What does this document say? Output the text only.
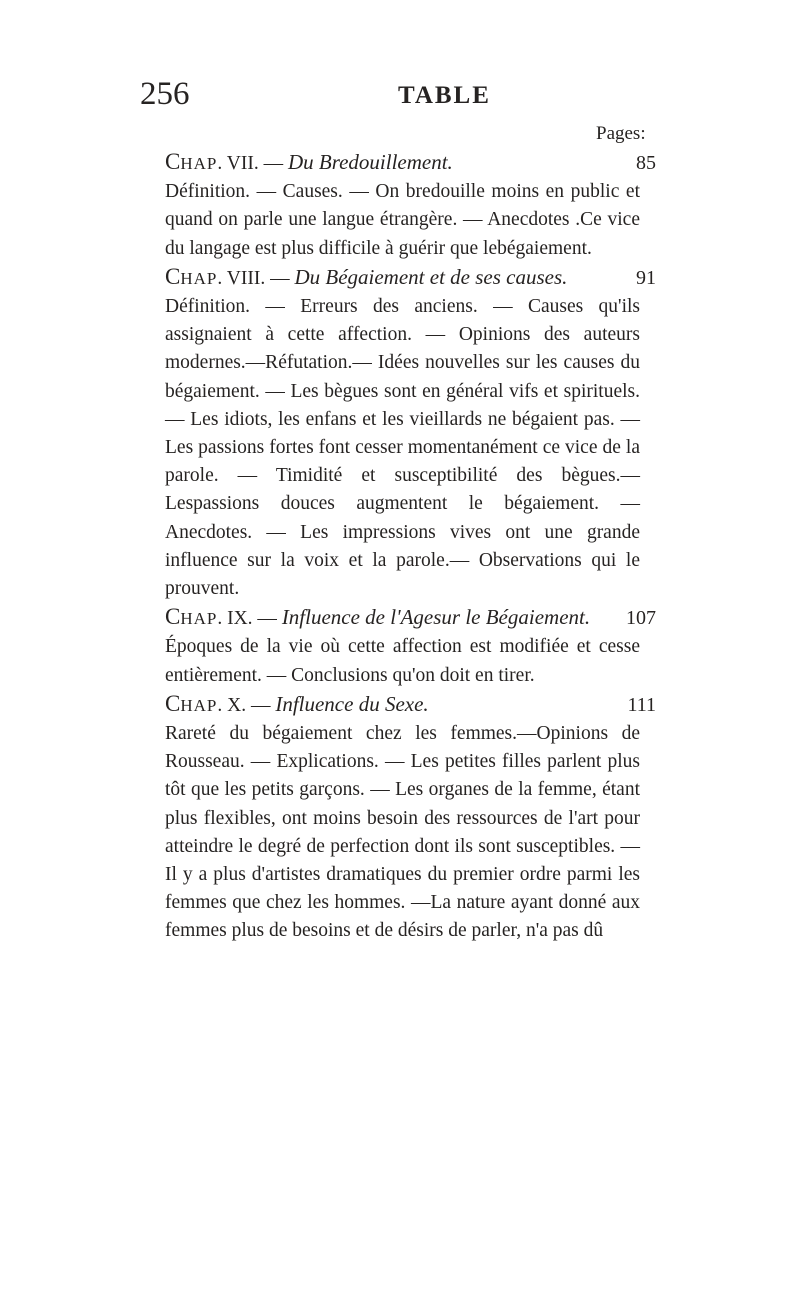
256	TABLE
Pages:
CHAP. VII. — Du Bredouillement.	85
Définition. — Causes. — On bredouille moins en public et quand on parle une langue étrangère. — Anecdotes .Ce vice du langage est plus difficile à guérir que lebégaiement.
CHAP. VIII. — Du Bégaiement et de ses causes.	91
Définition. — Erreurs des anciens. — Causes qu'ils assignaient à cette affection. — Opinions des auteurs modernes.—Réfutation.— Idées nouvelles sur les causes du bégaiement. — Les bègues sont en général vifs et spirituels. — Les idiots, les enfans et les vieillards ne bégaient pas. — Les passions fortes font cesser momentanément ce vice de la parole. — Timidité et susceptibilité des bègues.—Lespassions douces augmentent le bégaiement. — Anecdotes. — Les impressions vives ont une grande influence sur la voix et la parole.— Observations qui le prouvent.
CHAP. IX. — Influence de l'Agesur le Bégaiement. 107
Époques de la vie où cette affection est modifiée et cesse entièrement. — Conclusions qu'on doit en tirer.
CHAP. X. — Influence du Sexe.	111
Rareté du bégaiement chez les femmes.—Opinions de Rousseau. — Explications. — Les petites filles parlent plus tôt que les petits garçons. — Les organes de la femme, étant plus flexibles, ont moins besoin des ressources de l'art pour atteindre le degré de perfection dont ils sont susceptibles. — Il y a plus d'artistes dramatiques du premier ordre parmi les femmes que chez les hommes. —La nature ayant donné aux femmes plus de besoins et de désirs de parler, n'a pas dû
